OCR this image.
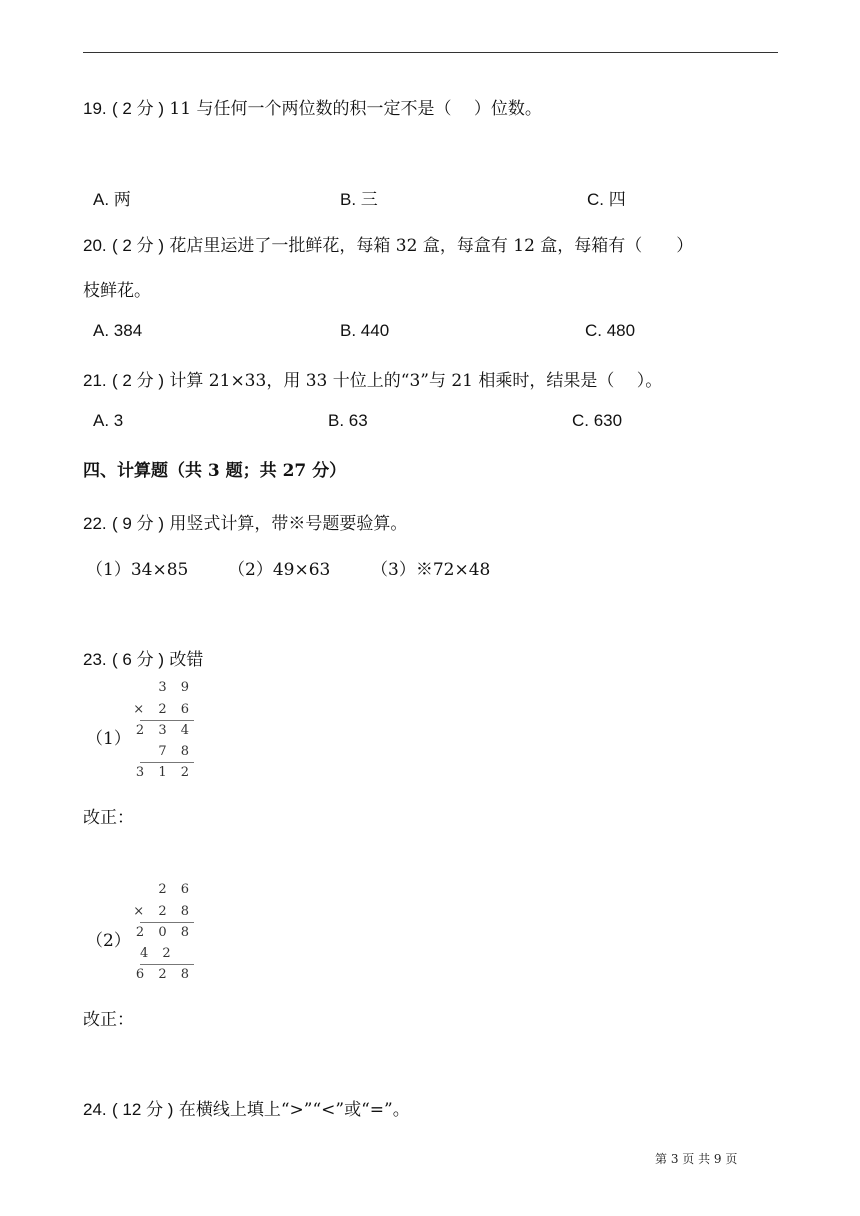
19. ( 2 分 ) 11 与任何一个两位数的积一定不是（　 ）位数。
A. 两	B. 三	C. 四
20. ( 2 分 ) 花店里运进了一批鲜花，每箱 32 盒，每盒有 12 盒，每箱有（　　）
枝鲜花。
A. 384	B. 440	C. 480
21. ( 2 分 ) 计算 21×33，用 33 十位上的“3”与 21 相乘时，结果是（　 ）。
A. 3	B. 63	C. 630
四、计算题（共 3 题；共 27 分）
22. ( 9 分 ) 用竖式计算，带※号题要验算。
（1）34×85 （2）49×63 （3）※72×48
23. ( 6 分 ) 改错
（1）
3 9
× 2 6
2 3 4
7 8
3 1 2
改正：
（2）
2 6
× 2 8
2 0 8
4 2
6 2 8
改正：
24. ( 12 分 ) 在横线上填上“>”“<”或“=”。
第 3 页 共 9 页
